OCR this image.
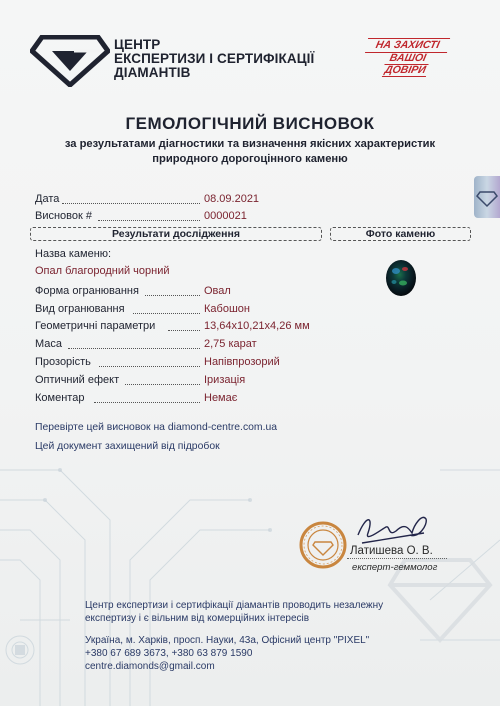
ЦЕНТР
ЕКСПЕРТИЗИ І СЕРТИФІКАЦІЇ
ДІАМАНТІВ
НА ЗАХИСТІ
ВАШОЇ
ДОВІРИ
ГЕМОЛОГІЧНИЙ ВИСНОВОК
за результатами діагностики та визначення якісних характеристик
природного дорогоцінного каменю
Дата	08.09.2021
Висновок #	0000021
Результати дослідження	Фото каменю
Назва каменю:
Опал благородний чорний
Форма огранювання	Овал
Вид огранювання	Кабошон
Геометричні параметри	13,64x10,21x4,26 мм
Маса	2,75 карат
Прозорість	Напівпрозорий
Оптичний ефект	Іризація
Коментар	Немає
Перевірте цей висновок на diamond-centre.com.ua
Цей документ захищений від підробок
Латишева О. В.
експерт-геммолог
Центр експертизи і сертифікації діамантів проводить незалежну
експертизу і є вільним від комерційних інтересів
Україна, м. Харків, просп. Науки, 43а, Офісний центр "PIXEL"
+380 67 689 3673, +380 63 879 1590
centre.diamonds@gmail.com
